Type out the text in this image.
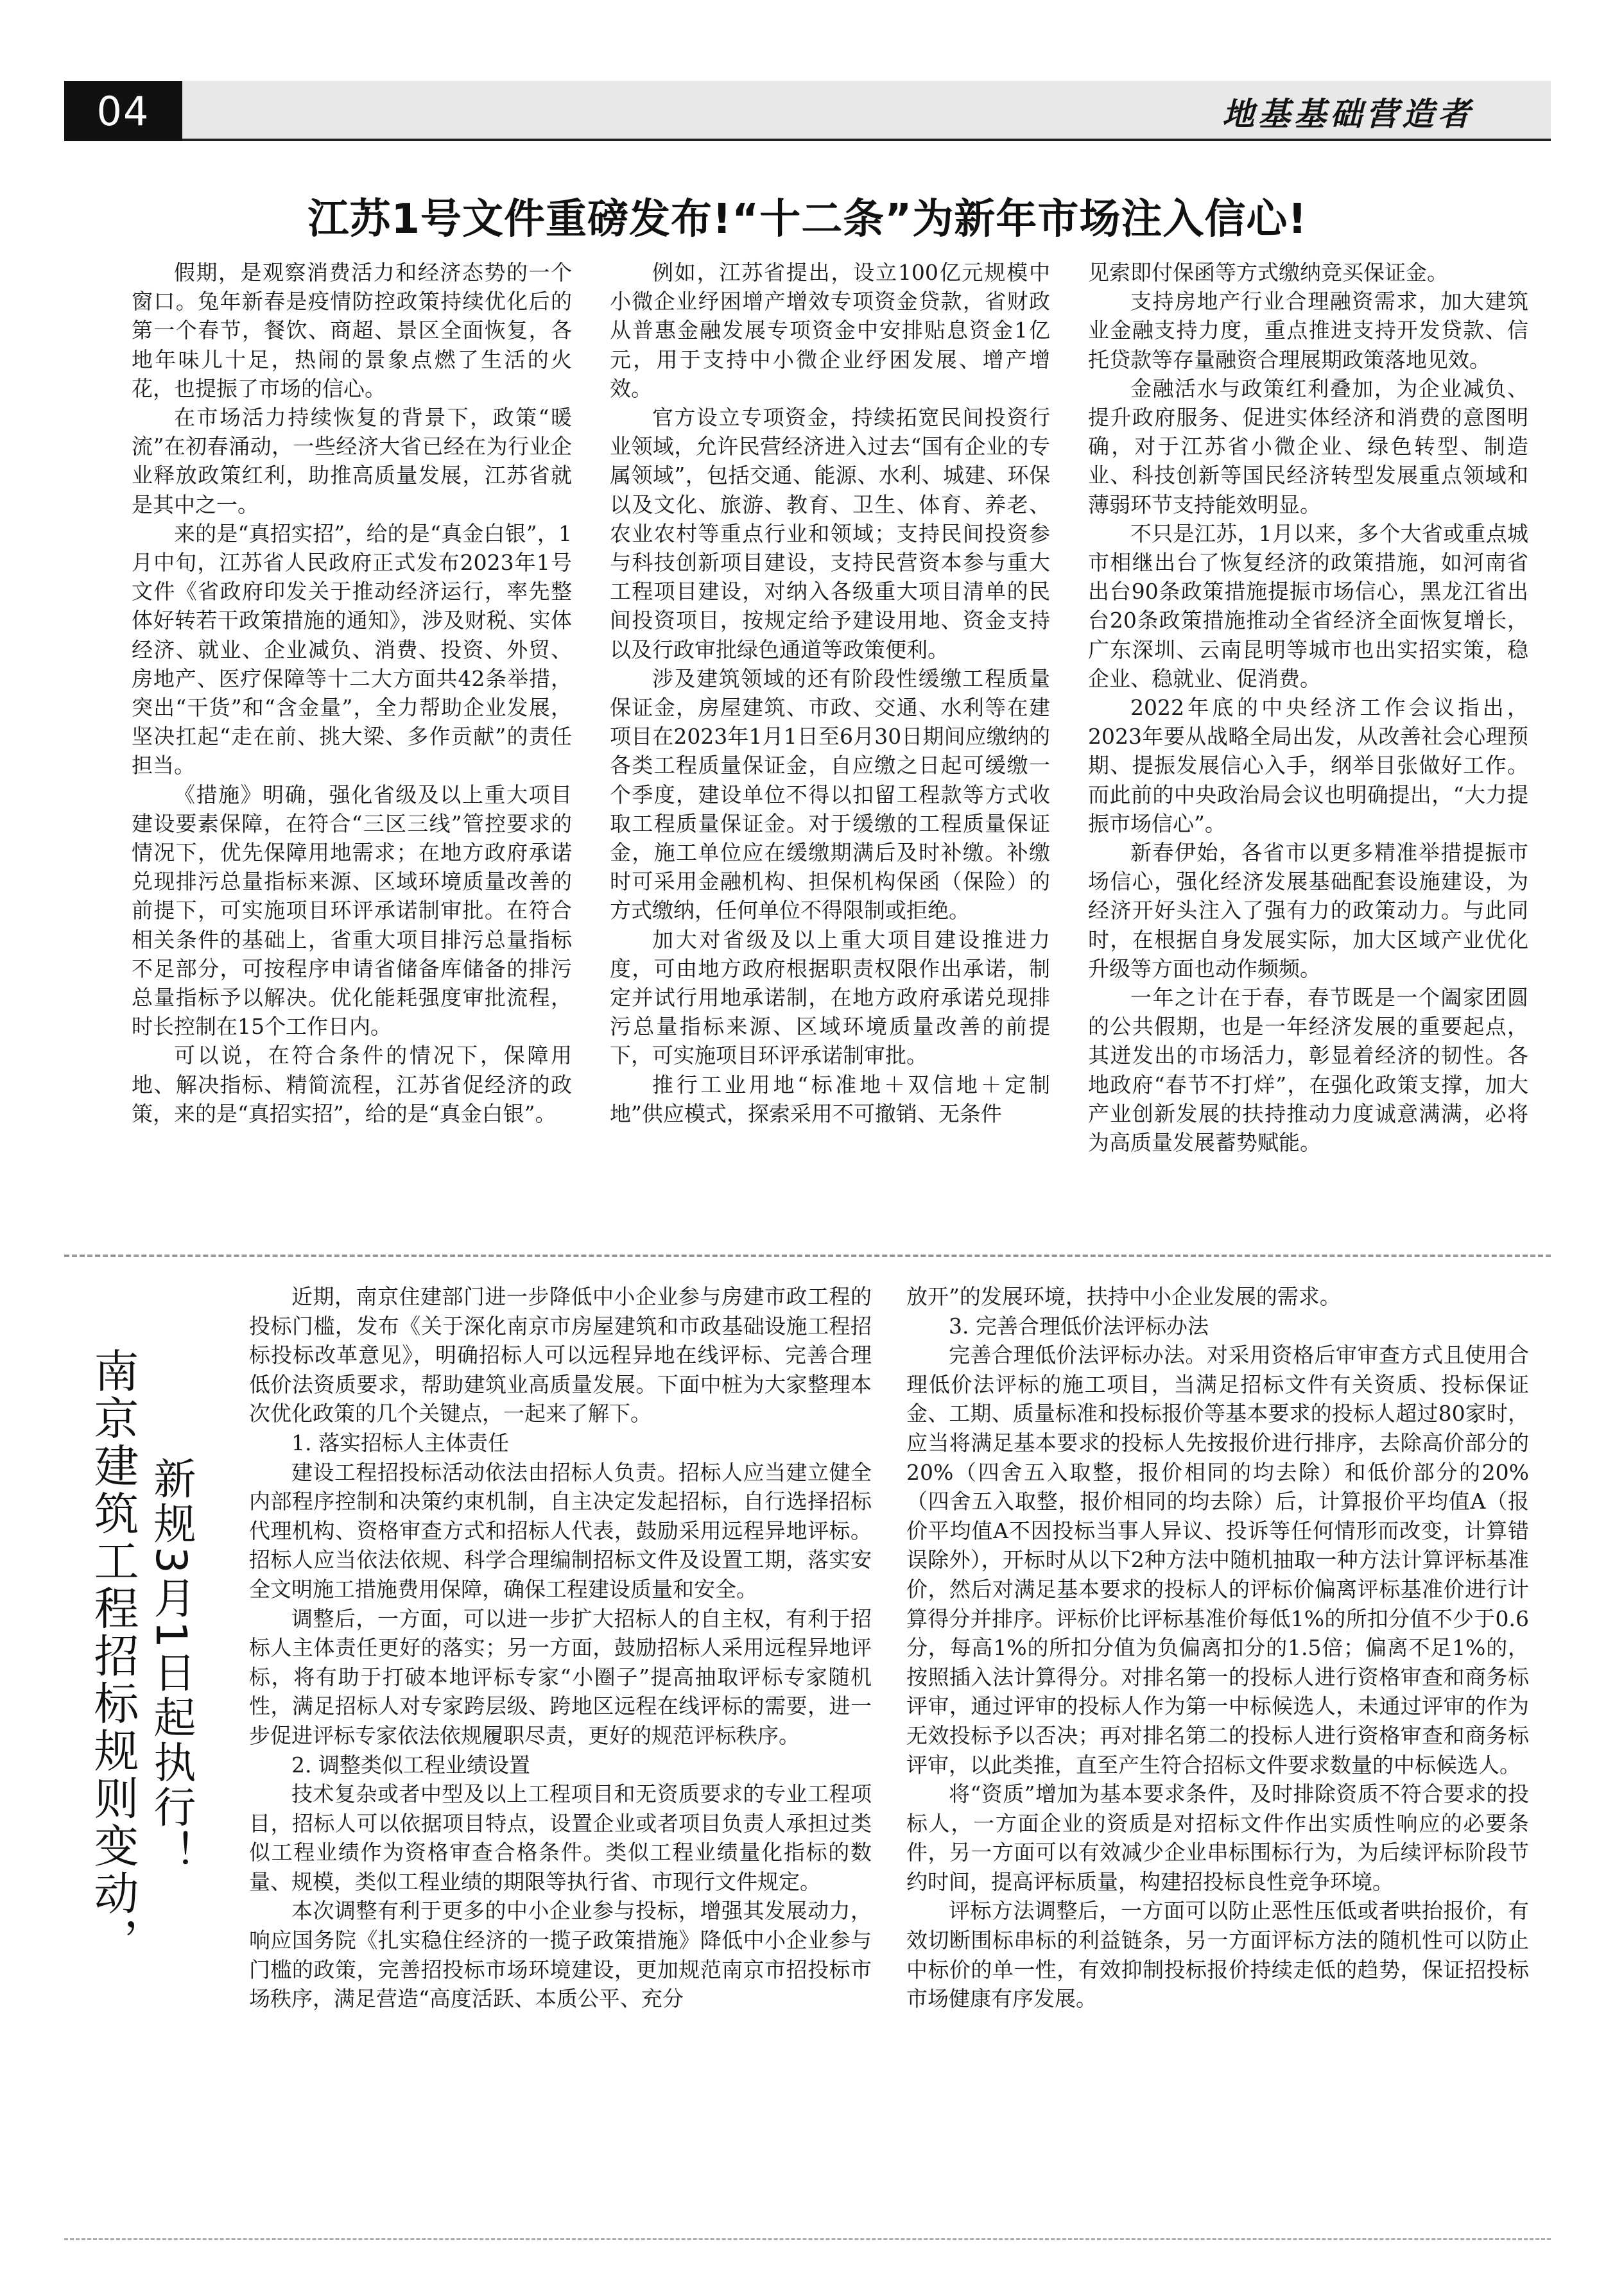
04	地基基础营造者
江苏1号文件重磅发布!“十二条”为新年市场注入信心!

假期，是观察消费活力和经济态势的一个窗口。兔年新春是疫情防控政策持续优化后的第一个春节，餐饮、商超、景区全面恢复，各地年味儿十足，热闹的景象点燃了生活的火花，也提振了市场的信心。

在市场活力持续恢复的背景下，政策“暖流”在初春涌动，一些经济大省已经在为行业企业释放政策红利，助推高质量发展，江苏省就是其中之一。

来的是“真招实招”，给的是“真金白银”，1月中旬，江苏省人民政府正式发布2023年1号文件《省政府印发关于推动经济运行，率先整体好转若干政策措施的通知》，涉及财税、实体经济、就业、企业减负、消费、投资、外贸、房地产、医疗保障等十二大方面共42条举措，突出“干货”和“含金量”，全力帮助企业发展，坚决扛起“走在前、挑大梁、多作贡献”的责任担当。

《措施》明确，强化省级及以上重大项目建设要素保障，在符合“三区三线”管控要求的情况下，优先保障用地需求；在地方政府承诺兑现排污总量指标来源、区域环境质量改善的前提下，可实施项目环评承诺制审批。在符合相关条件的基础上，省重大项目排污总量指标不足部分，可按程序申请省储备库储备的排污总量指标予以解决。优化能耗强度审批流程，时长控制在15个工作日内。

可以说，在符合条件的情况下，保障用地、解决指标、精简流程，江苏省促经济的政策，来的是“真招实招”，给的是“真金白银”。

例如，江苏省提出，设立100亿元规模中小微企业纾困增产增效专项资金贷款，省财政从普惠金融发展专项资金中安排贴息资金1亿元，用于支持中小微企业纾困发展、增产增效。

官方设立专项资金，持续拓宽民间投资行业领域，允许民营经济进入过去“国有企业的专属领域”，包括交通、能源、水利、城建、环保以及文化、旅游、教育、卫生、体育、养老、农业农村等重点行业和领域；支持民间投资参与科技创新项目建设，支持民营资本参与重大工程项目建设，对纳入各级重大项目清单的民间投资项目，按规定给予建设用地、资金支持以及行政审批绿色通道等政策便利。

涉及建筑领域的还有阶段性缓缴工程质量保证金，房屋建筑、市政、交通、水利等在建项目在2023年1月1日至6月30日期间应缴纳的各类工程质量保证金，自应缴之日起可缓缴一个季度，建设单位不得以扣留工程款等方式收取工程质量保证金。对于缓缴的工程质量保证金，施工单位应在缓缴期满后及时补缴。补缴时可采用金融机构、担保机构保函（保险）的方式缴纳，任何单位不得限制或拒绝。

加大对省级及以上重大项目建设推进力度，可由地方政府根据职责权限作出承诺，制定并试行用地承诺制，在地方政府承诺兑现排污总量指标来源、区域环境质量改善的前提下，可实施项目环评承诺制审批。

推行工业用地“标准地＋双信地＋定制地”供应模式，探索采用不可撤销、无条件

见索即付保函等方式缴纳竞买保证金。

支持房地产行业合理融资需求，加大建筑业金融支持力度，重点推进支持开发贷款、信托贷款等存量融资合理展期政策落地见效。

金融活水与政策红利叠加，为企业减负、提升政府服务、促进实体经济和消费的意图明确，对于江苏省小微企业、绿色转型、制造业、科技创新等国民经济转型发展重点领域和薄弱环节支持能效明显。

不只是江苏，1月以来，多个大省或重点城市相继出台了恢复经济的政策措施，如河南省出台90条政策措施提振市场信心，黑龙江省出台20条政策措施推动全省经济全面恢复增长，广东深圳、云南昆明等城市也出实招实策，稳企业、稳就业、促消费。

2022年底的中央经济工作会议指出，2023年要从战略全局出发，从改善社会心理预期、提振发展信心入手，纲举目张做好工作。而此前的中央政治局会议也明确提出，“大力提振市场信心”。

新春伊始，各省市以更多精准举措提振市场信心，强化经济发展基础配套设施建设，为经济开好头注入了强有力的政策动力。与此同时，在根据自身发展实际，加大区域产业优化升级等方面也动作频频。

一年之计在于春，春节既是一个阖家团圆的公共假期，也是一年经济发展的重要起点，其迸发出的市场活力，彰显着经济的韧性。各地政府“春节不打烊”，在强化政策支撑，加大产业创新发展的扶持推动力度诚意满满，必将为高质量发展蓄势赋能。

南京建筑工程招标规则变动， 新规3月1日起执行！

近期，南京住建部门进一步降低中小企业参与房建市政工程的投标门槛，发布《关于深化南京市房屋建筑和市政基础设施工程招标投标改革意见》，明确招标人可以远程异地在线评标、完善合理低价法资质要求，帮助建筑业高质量发展。下面中桩为大家整理本次优化政策的几个关键点，一起来了解下。

1. 落实招标人主体责任

建设工程招投标活动依法由招标人负责。招标人应当建立健全内部程序控制和决策约束机制，自主决定发起招标，自行选择招标代理机构、资格审查方式和招标人代表，鼓励采用远程异地评标。招标人应当依法依规、科学合理编制招标文件及设置工期，落实安全文明施工措施费用保障，确保工程建设质量和安全。

调整后，一方面，可以进一步扩大招标人的自主权，有利于招标人主体责任更好的落实；另一方面，鼓励招标人采用远程异地评标，将有助于打破本地评标专家“小圈子”提高抽取评标专家随机性，满足招标人对专家跨层级、跨地区远程在线评标的需要，进一步促进评标专家依法依规履职尽责，更好的规范评标秩序。

2. 调整类似工程业绩设置

技术复杂或者中型及以上工程项目和无资质要求的专业工程项目，招标人可以依据项目特点，设置企业或者项目负责人承担过类似工程业绩作为资格审查合格条件。类似工程业绩量化指标的数量、规模，类似工程业绩的期限等执行省、市现行文件规定。

本次调整有利于更多的中小企业参与投标，增强其发展动力，响应国务院《扎实稳住经济的一揽子政策措施》降低中小企业参与门槛的政策，完善招投标市场环境建设，更加规范南京市招投标市场秩序，满足营造“高度活跃、本质公平、充分

放开”的发展环境，扶持中小企业发展的需求。

3. 完善合理低价法评标办法

完善合理低价法评标办法。对采用资格后审审查方式且使用合理低价法评标的施工项目，当满足招标文件有关资质、投标保证金、工期、质量标准和投标报价等基本要求的投标人超过80家时，应当将满足基本要求的投标人先按报价进行排序，去除高价部分的20%（四舍五入取整，报价相同的均去除）和低价部分的20%（四舍五入取整，报价相同的均去除）后，计算报价平均值A（报价平均值A不因投标当事人异议、投诉等任何情形而改变，计算错误除外），开标时从以下2种方法中随机抽取一种方法计算评标基准价，然后对满足基本要求的投标人的评标价偏离评标基准价进行计算得分并排序。评标价比评标基准价每低1%的所扣分值不少于0.6分，每高1%的所扣分值为负偏离扣分的1.5倍；偏离不足1%的，按照插入法计算得分。对排名第一的投标人进行资格审查和商务标评审，通过评审的投标人作为第一中标候选人，未通过评审的作为无效投标予以否决；再对排名第二的投标人进行资格审查和商务标评审，以此类推，直至产生符合招标文件要求数量的中标候选人。

将“资质”增加为基本要求条件，及时排除资质不符合要求的投标人，一方面企业的资质是对招标文件作出实质性响应的必要条件，另一方面可以有效减少企业串标围标行为，为后续评标阶段节约时间，提高评标质量，构建招投标良性竞争环境。

评标方法调整后，一方面可以防止恶性压低或者哄抬报价，有效切断围标串标的利益链条，另一方面评标方法的随机性可以防止中标价的单一性，有效抑制投标报价持续走低的趋势，保证招投标市场健康有序发展。
